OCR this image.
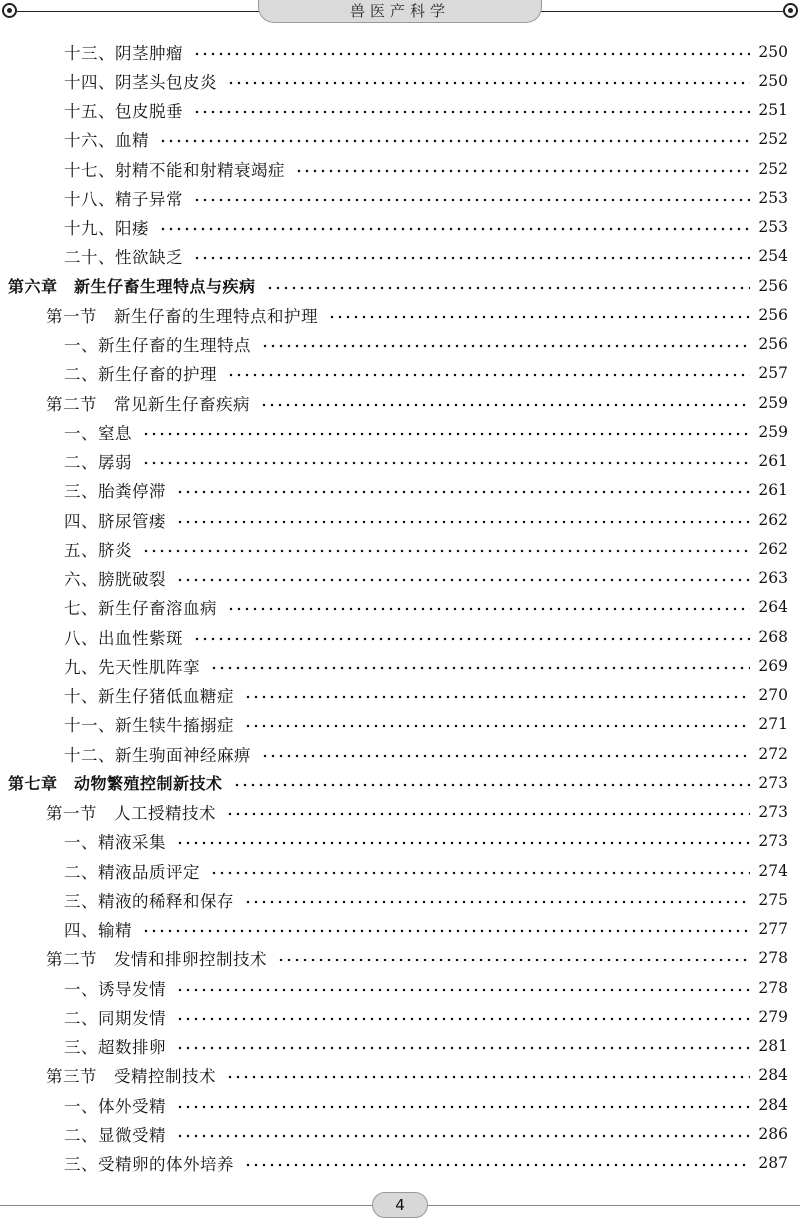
兽医产科学
十三、阴茎肿瘤	250
十四、阴茎头包皮炎	250
十五、包皮脱垂	251
十六、血精	252
十七、射精不能和射精衰竭症	252
十八、精子异常	253
十九、阳痿	253
二十、性欲缺乏	254
第六章　新生仔畜生理特点与疾病	256
第一节　新生仔畜的生理特点和护理	256
一、新生仔畜的生理特点	256
二、新生仔畜的护理	257
第二节　常见新生仔畜疾病	259
一、窒息	259
二、孱弱	261
三、胎粪停滞	261
四、脐尿管瘘	262
五、脐炎	262
六、膀胱破裂	263
七、新生仔畜溶血病	264
八、出血性紫斑	268
九、先天性肌阵挛	269
十、新生仔猪低血糖症	270
十一、新生犊牛搐搦症	271
十二、新生驹面神经麻痹	272
第七章　动物繁殖控制新技术	273
第一节　人工授精技术	273
一、精液采集	273
二、精液品质评定	274
三、精液的稀释和保存	275
四、输精	277
第二节　发情和排卵控制技术	278
一、诱导发情	278
二、同期发情	279
三、超数排卵	281
第三节　受精控制技术	284
一、体外受精	284
二、显微受精	286
三、受精卵的体外培养	287
4
